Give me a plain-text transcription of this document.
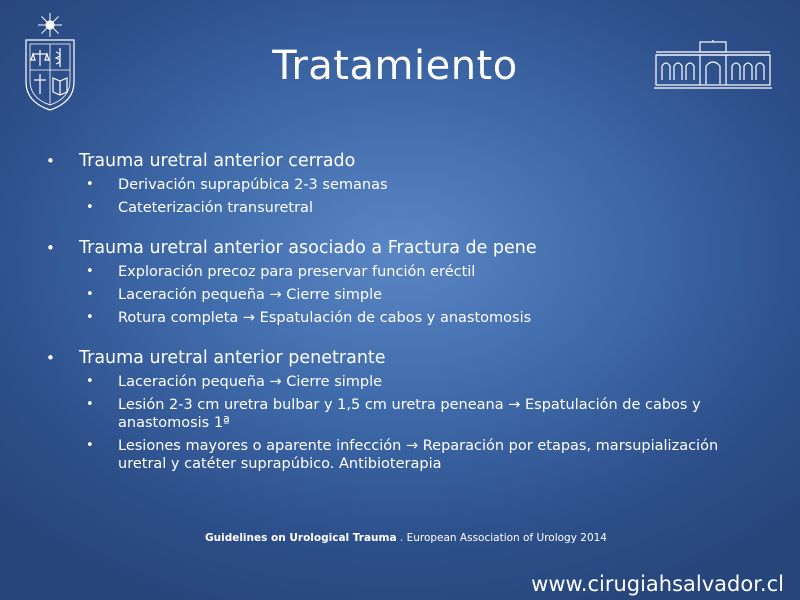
Tratamiento
• Trauma uretral anterior cerrado
• Derivación suprapúbica 2-3 semanas
• Cateterización transuretral
• Trauma uretral anterior asociado a Fractura de pene
• Exploración precoz para preservar función eréctil
• Laceración pequeña → Cierre simple
• Rotura completa → Espatulación de cabos y anastomosis
• Trauma uretral anterior penetrante
• Laceración pequeña → Cierre simple
• Lesión 2-3 cm uretra bulbar y 1,5 cm uretra peneana → Espatulación de cabos y anastomosis 1ª
• Lesiones mayores o aparente infección → Reparación por etapas, marsupialización uretral y catéter suprapúbico. Antibioterapia
Guidelines on Urological Trauma . European Association of Urology 2014
www.cirugiahsalvador.cl
